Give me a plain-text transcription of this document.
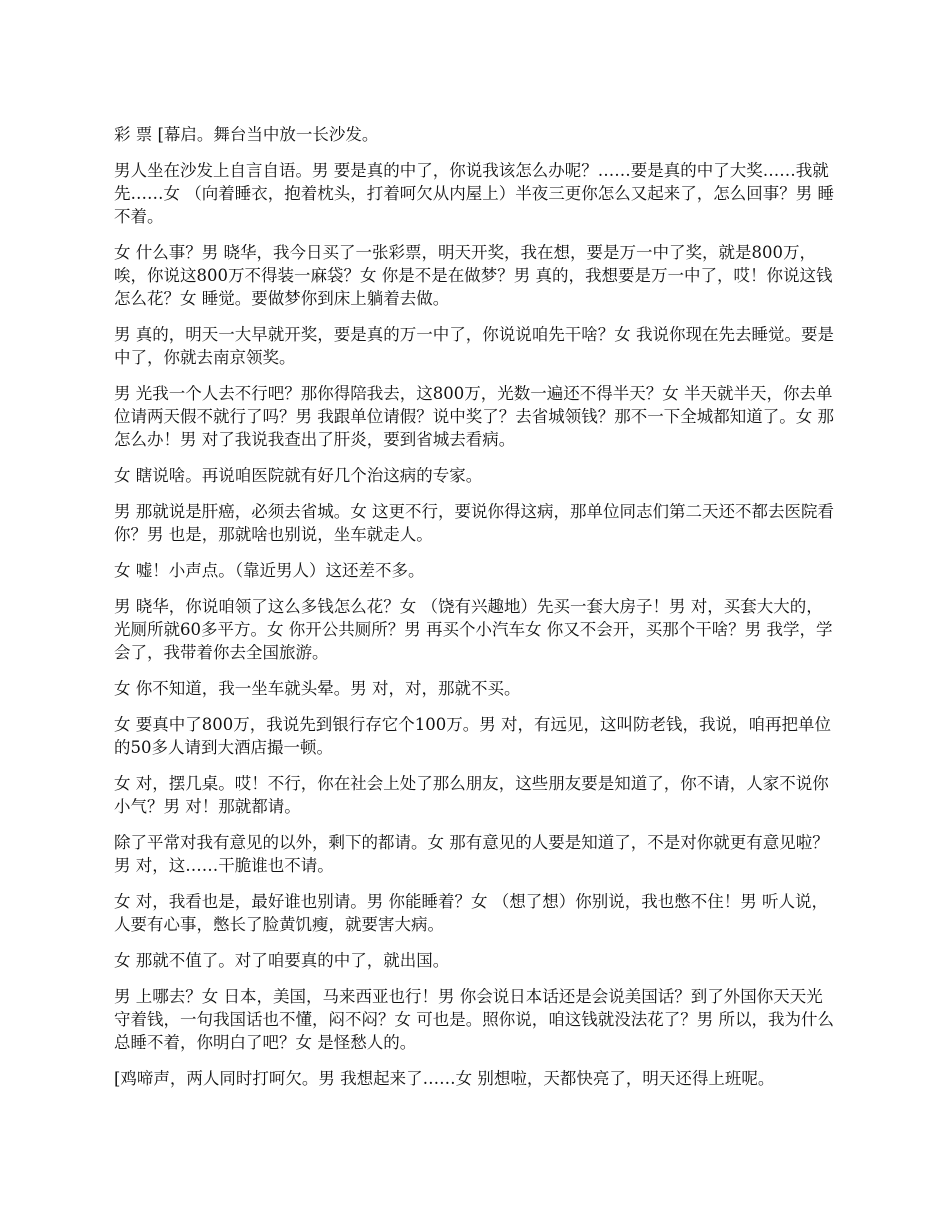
彩 票 [幕启。舞台当中放一长沙发。

男人坐在沙发上自言自语。男 要是真的中了，你说我该怎么办呢？……要是真的中了大奖……我就先……女 （向着睡衣，抱着枕头，打着呵欠从内屋上）半夜三更你怎么又起来了，怎么回事？男 睡不着。

女 什么事？男 晓华，我今日买了一张彩票，明天开奖，我在想，要是万一中了奖，就是800万，唉，你说这800万不得装一麻袋？女 你是不是在做梦？男 真的，我想要是万一中了，哎！你说这钱怎么花？女 睡觉。要做梦你到床上躺着去做。

男 真的，明天一大早就开奖，要是真的万一中了，你说说咱先干啥？女 我说你现在先去睡觉。要是中了，你就去南京领奖。

男 光我一个人去不行吧？那你得陪我去，这800万，光数一遍还不得半天？女 半天就半天，你去单位请两天假不就行了吗？男 我跟单位请假？说中奖了？去省城领钱？那不一下全城都知道了。女 那怎么办！男 对了我说我查出了肝炎，要到省城去看病。

女 瞎说啥。再说咱医院就有好几个治这病的专家。

男 那就说是肝癌，必须去省城。女 这更不行，要说你得这病，那单位同志们第二天还不都去医院看你？男 也是，那就啥也别说，坐车就走人。

女 嘘！小声点。（靠近男人）这还差不多。

男 晓华，你说咱领了这么多钱怎么花？女 （饶有兴趣地）先买一套大房子！男 对，买套大大的，光厕所就60多平方。女 你开公共厕所？男 再买个小汽车女 你又不会开，买那个干啥？男 我学，学会了，我带着你去全国旅游。

女 你不知道，我一坐车就头晕。男 对，对，那就不买。

女 要真中了800万，我说先到银行存它个100万。男 对，有远见，这叫防老钱，我说，咱再把单位的50多人请到大酒店撮一顿。

女 对，摆几桌。哎！不行，你在社会上处了那么朋友，这些朋友要是知道了，你不请，人家不说你小气？男 对！那就都请。

除了平常对我有意见的以外，剩下的都请。女 那有意见的人要是知道了，不是对你就更有意见啦？男 对，这……干脆谁也不请。

女 对，我看也是，最好谁也别请。男 你能睡着？女 （想了想）你别说，我也憋不住！男 听人说，人要有心事，憋长了脸黄饥瘦，就要害大病。

女 那就不值了。对了咱要真的中了，就出国。

男 上哪去？女 日本，美国，马来西亚也行！男 你会说日本话还是会说美国话？到了外国你天天光守着钱，一句我国话也不懂，闷不闷？女 可也是。照你说，咱这钱就没法花了？男 所以，我为什么总睡不着，你明白了吧？女 是怪愁人的。

[鸡啼声，两人同时打呵欠。男 我想起来了……女 别想啦，天都快亮了，明天还得上班呢。
